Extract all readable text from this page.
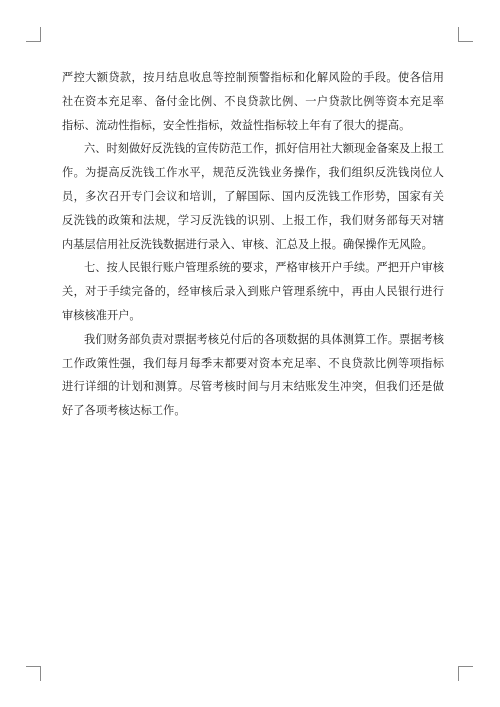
严控大额贷款，按月结息收息等控制预警指标和化解风险的手段。使各信用社在资本充足率、备付金比例、不良贷款比例、一户贷款比例等资本充足率指标、流动性指标，安全性指标，效益性指标较上年有了很大的提高。

六、时刻做好反洗钱的宣传防范工作，抓好信用社大额现金备案及上报工作。为提高反洗钱工作水平，规范反洗钱业务操作，我们组织反洗钱岗位人员，多次召开专门会议和培训，了解国际、国内反洗钱工作形势，国家有关反洗钱的政策和法规，学习反洗钱的识别、上报工作，我们财务部每天对辖内基层信用社反洗钱数据进行录入、审核、汇总及上报。确保操作无风险。

七、按人民银行账户管理系统的要求，严格审核开户手续。严把开户审核关，对于手续完备的，经审核后录入到账户管理系统中，再由人民银行进行审核核准开户。

我们财务部负责对票据考核兑付后的各项数据的具体测算工作。票据考核工作政策性强，我们每月每季末都要对资本充足率、不良贷款比例等项指标进行详细的计划和测算。尽管考核时间与月末结账发生冲突，但我们还是做好了各项考核达标工作。
